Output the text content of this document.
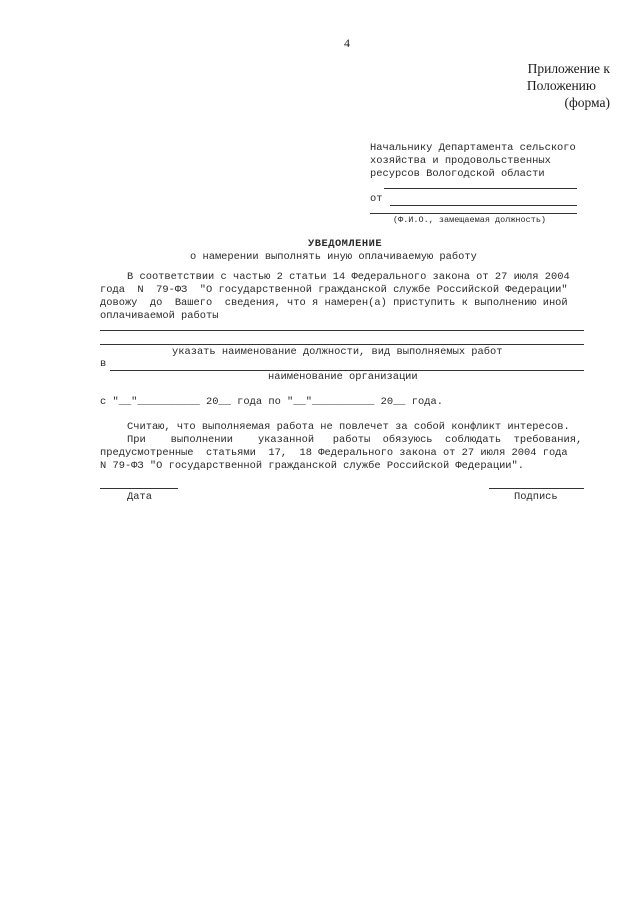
4
Приложение к
Положению
(форма)
Начальнику Департамента сельского
хозяйства и продовольственных
ресурсов Вологодской области
от
(Ф.И.О., замещаемая должность)
УВЕДОМЛЕНИЕ
о намерении выполнять иную оплачиваемую работу
В соответствии с частью 2 статьи 14 Федерального закона от 27 июля 2004
года  N  79-ФЗ  "О государственной гражданской службе Российской Федерации"
довожу  до  Вашего  сведения, что я намерен(а) приступить к выполнению иной
оплачиваемой работы
указать наименование должности, вид выполняемых работ
в
наименование организации
с "__"__________ 20__ года по "__"__________ 20__ года.
Считаю, что выполняемая работа не повлечет за собой конфликт интересов.
При    выполнении    указанной   работы  обязуюсь  соблюдать  требования,
предусмотренные  статьями  17,  18 Федерального закона от 27 июля 2004 года
N 79-ФЗ "О государственной гражданской службе Российской Федерации".
Дата	Подпись
